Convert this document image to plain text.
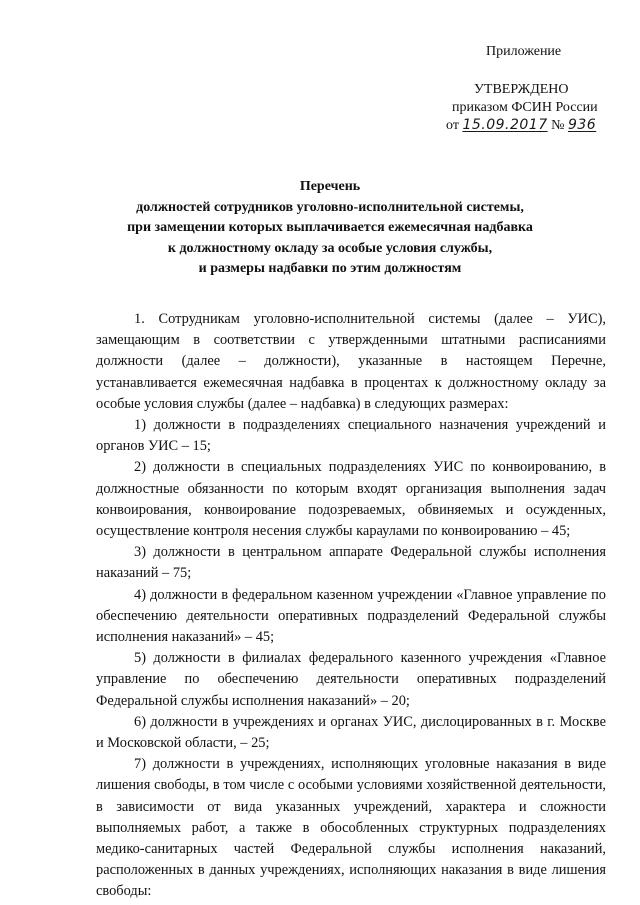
Приложение
УТВЕРЖДЕНО
приказом ФСИН России
от 15.09.2017 № 936
Перечень
должностей сотрудников уголовно-исполнительной системы,
при замещении которых выплачивается ежемесячная надбавка
к должностному окладу за особые условия службы,
и размеры надбавки по этим должностям

1. Сотрудникам уголовно-исполнительной системы (далее – УИС), замещающим в соответствии с утвержденными штатными расписаниями должности (далее – должности), указанные в настоящем Перечне, устанавливается ежемесячная надбавка в процентах к должностному окладу за особые условия службы (далее – надбавка) в следующих размерах:

1) должности в подразделениях специального назначения учреждений и органов УИС – 15;

2) должности в специальных подразделениях УИС по конвоированию, в должностные обязанности по которым входят организация выполнения задач конвоирования, конвоирование подозреваемых, обвиняемых и осужденных, осуществление контроля несения службы караулами по конвоированию – 45;

3) должности в центральном аппарате Федеральной службы исполнения наказаний – 75;

4) должности в федеральном казенном учреждении «Главное управление по обеспечению деятельности оперативных подразделений Федеральной службы исполнения наказаний» – 45;

5) должности в филиалах федерального казенного учреждения «Главное управление по обеспечению деятельности оперативных подразделений Федеральной службы исполнения наказаний» – 20;

6) должности в учреждениях и органах УИС, дислоцированных в г. Москве и Московской области, – 25;

7) должности в учреждениях, исполняющих уголовные наказания в виде лишения свободы, в том числе с особыми условиями хозяйственной деятельности, в зависимости от вида указанных учреждений, характера и сложности выполняемых работ, а также в обособленных структурных подразделениях медико-санитарных частей Федеральной службы исполнения наказаний, расположенных в данных учреждениях, исполняющих наказания в виде лишения свободы:
